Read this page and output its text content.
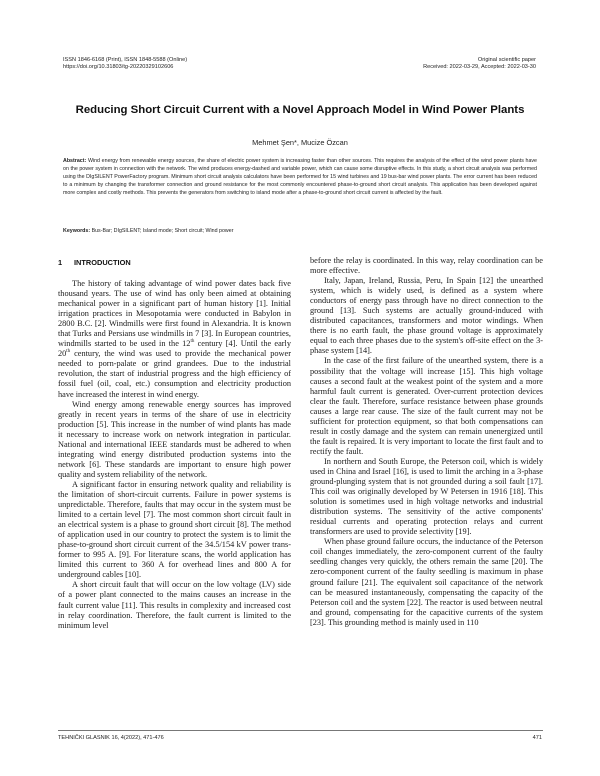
ISSN 1846-6168 (Print), ISSN 1848-5588 (Online)
https://doi.org/10.31803/tg-20220329102606
Original scientific paper
Received: 2022-03-29, Accepted: 2022-03-30
Reducing Short Circuit Current with a Novel Approach Model in Wind Power Plants
Mehmet Şen*, Mucize Özcan
Abstract: Wind energy from renewable energy sources, the share of electric power system is increasing faster than other sources. This requires the analysis of the effect of the wind power plants have on the power system in connection with the network. The wind produces energy-dashed and variable power, which can cause some disruptive effects. In this study, a short circuit analysis was performed using the DIgSILENT PowerFactory program. Minimum short circuit analysis calculators have been performed for 15 wind turbines and 19 bus-bar wind power plants. The error current has been reduced to a minimum by changing the transformer connection and ground resistance for the most commonly encountered phase-to-ground short circuit analysis. This application has been developed against more complex and costly methods. This prevents the generators from switching to island mode after a phase-to-ground short circuit current is affected by the fault.
Keywords: Bus-Bar; DIgSILENT; Island mode; Short circuit; Wind power
1 INTRODUCTION

The history of taking advantage of wind power dates back five thousand years. The use of wind has only been aimed at obtaining mechanical power in a significant part of human history [1]. Initial irrigation practices in Mesopotamia were conducted in Babylon in 2800 B.C. [2]. Windmills were first found in Alexandria. It is known that Turks and Persians use windmills in 7 [3]. In European countries, windmills started to be used in the 12th century [4]. Until the early 20th century, the wind was used to provide the mechanical power needed to porn-palate or grind grandees. Due to the industrial revolution, the start of industrial progress and the high efficiency of fossil fuel (oil, coal, etc.) consumption and electricity production have increased the interest in wind energy.

Wind energy among renewable energy sources has improved greatly in recent years in terms of the share of use in electricity production [5]. This increase in the number of wind plants has made it necessary to increase work on network integration in particular. National and international IEEE standards must be adhered to when integrating wind energy distributed production systems into the network [6]. These standards are important to ensure high power quality and system reliability of the network.

A significant factor in ensuring network quality and reliability is the limitation of short-circuit currents. Failure in power systems is unpredictable. Therefore, faults that may occur in the system must be limited to a certain level [7]. The most common short circuit fault in an electrical system is a phase to ground short circuit [8]. The method of application used in our country to protect the system is to limit the phase-to-ground short circuit current of the 34.5/154 kV power trans-former to 995 A. [9]. For literature scans, the world application has limited this current to 360 A for overhead lines and 800 A for underground cables [10].

A short circuit fault that will occur on the low voltage (LV) side of a power plant connected to the mains causes an increase in the fault current value [11]. This results in complexity and increased cost in relay coordination. Therefore, the fault current is limited to the minimum level

before the relay is coordinated. In this way, relay coordination can be more effective.

Italy, Japan, Ireland, Russia, Peru, In Spain [12] the unearthed system, which is widely used, is defined as a system where conductors of energy pass through have no direct connection to the ground [13]. Such systems are actually ground-induced with distributed capacitances, transformers and motor windings. When there is no earth fault, the phase ground voltage is approximately equal to each three phases due to the system's off-site effect on the 3-phase system [14].

In the case of the first failure of the unearthed system, there is a possibility that the voltage will increase [15]. This high voltage causes a second fault at the weakest point of the system and a more harmful fault current is generated. Over-current protection devices clear the fault. Therefore, surface resistance between phase grounds causes a large rear cause. The size of the fault current may not be sufficient for protection equipment, so that both compensations can result in costly damage and the system can remain unenergized until the fault is repaired. It is very important to locate the first fault and to rectify the fault.

In northern and South Europe, the Peterson coil, which is widely used in China and Israel [16], is used to limit the arching in a 3-phase ground-plunging system that is not grounded during a soil fault [17]. This coil was originally developed by W Petersen in 1916 [18]. This solution is sometimes used in high voltage networks and industrial distribution systems. The sensitivity of the active components' residual currents and operating protection relays and current transformers are used to provide selectivity [19].

When phase ground failure occurs, the inductance of the Peterson coil changes immediately, the zero-component current of the faulty seedling changes very quickly, the others remain the same [20]. The zero-component current of the faulty seedling is maximum in phase ground failure [21]. The equivalent soil capacitance of the network can be measured instantaneously, compensating the capacity of the Peterson coil and the system [22]. The reactor is used between neutral and ground, compensating for the capacitive currents of the system [23]. This grounding method is mainly used in 110

TEHNIČKI GLASNIK 16, 4(2022), 471-476	471
